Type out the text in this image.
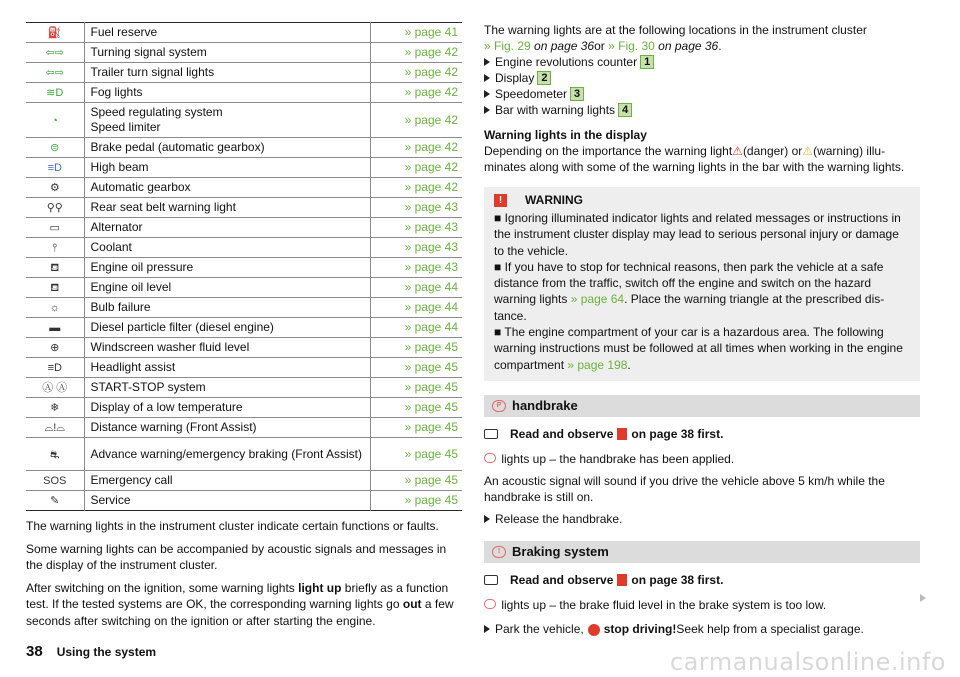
⛽	Fuel reserve	» page 41
⇦⇨	Turning signal system	» page 42
⇦⇨	Trailer turn signal lights	» page 42
≋D	Fog lights	» page 42
◔	Speed regulating system
Speed limiter	» page 42
⊜	Brake pedal (automatic gearbox)	» page 42
≡D	High beam	» page 42
⚙	Automatic gearbox	» page 42
⚲⚲	Rear seat belt warning light	» page 43
▭	Alternator	» page 43
⫯	Coolant	» page 43
⛾	Engine oil pressure	» page 43
⛾	Engine oil level	» page 44
☼	Bulb failure	» page 44
▬	Diesel particle filter (diesel engine)	» page 44
⊕	Windscreen washer fluid level	» page 45
≡D	Headlight assist	» page 45
Ⓐ Ⓐ	START-STOP system	» page 45
❄	Display of a low temperature	» page 45
⌓!⌓	Distance warning (Front Assist)	» page 45
⛐	Advance warning/emergency braking (Front Assist)	» page 45
SOS	Emergency call	» page 45
✎	Service	» page 45

The warning lights in the instrument cluster indicate certain functions or faults.

Some warning lights can be accompanied by acoustic signals and messages in the display of the instrument cluster.

After switching on the ignition, some warning lights light up briefly as a function test. If the tested systems are OK, the corresponding warning lights go out a few seconds after switching on the ignition or after starting the engine.

The warning lights are at the following locations in the instrument cluster
» Fig. 29 on page 36or » Fig. 30 on page 36.

Engine revolutions counter 1
Display 2
Speedometer 3
Bar with warning lights 4

Warning lights in the display

Depending on the importance the warning light⚠(danger) or⚠(warning) illuminates along with some of the warning lights in the bar with the warning lights.

!	WARNING

■ Ignoring illuminated indicator lights and related messages or instructions in the instrument cluster display may lead to serious personal injury or damage to the vehicle.

■ If you have to stop for technical reasons, then park the vehicle at a safe distance from the traffic, switch off the engine and switch on the hazard warning lights » page 64. Place the warning triangle at the prescribed distance.

■ The engine compartment of your car is a hazardous area. The following warning instructions must be followed at all times when working in the engine compartment » page 198.

P handbrake
Read and observe on page 38 first.

lights up – the handbrake has been applied.

An acoustic signal will sound if you drive the vehicle above 5 km/h while the handbrake is still on.

Release the handbrake.
! Braking system
Read and observe on page 38 first.

lights up – the brake fluid level in the brake system is too low.

Park the vehicle, stop driving! Seek help from a specialist garage.
38 Using the system	carmanualsonline.info
